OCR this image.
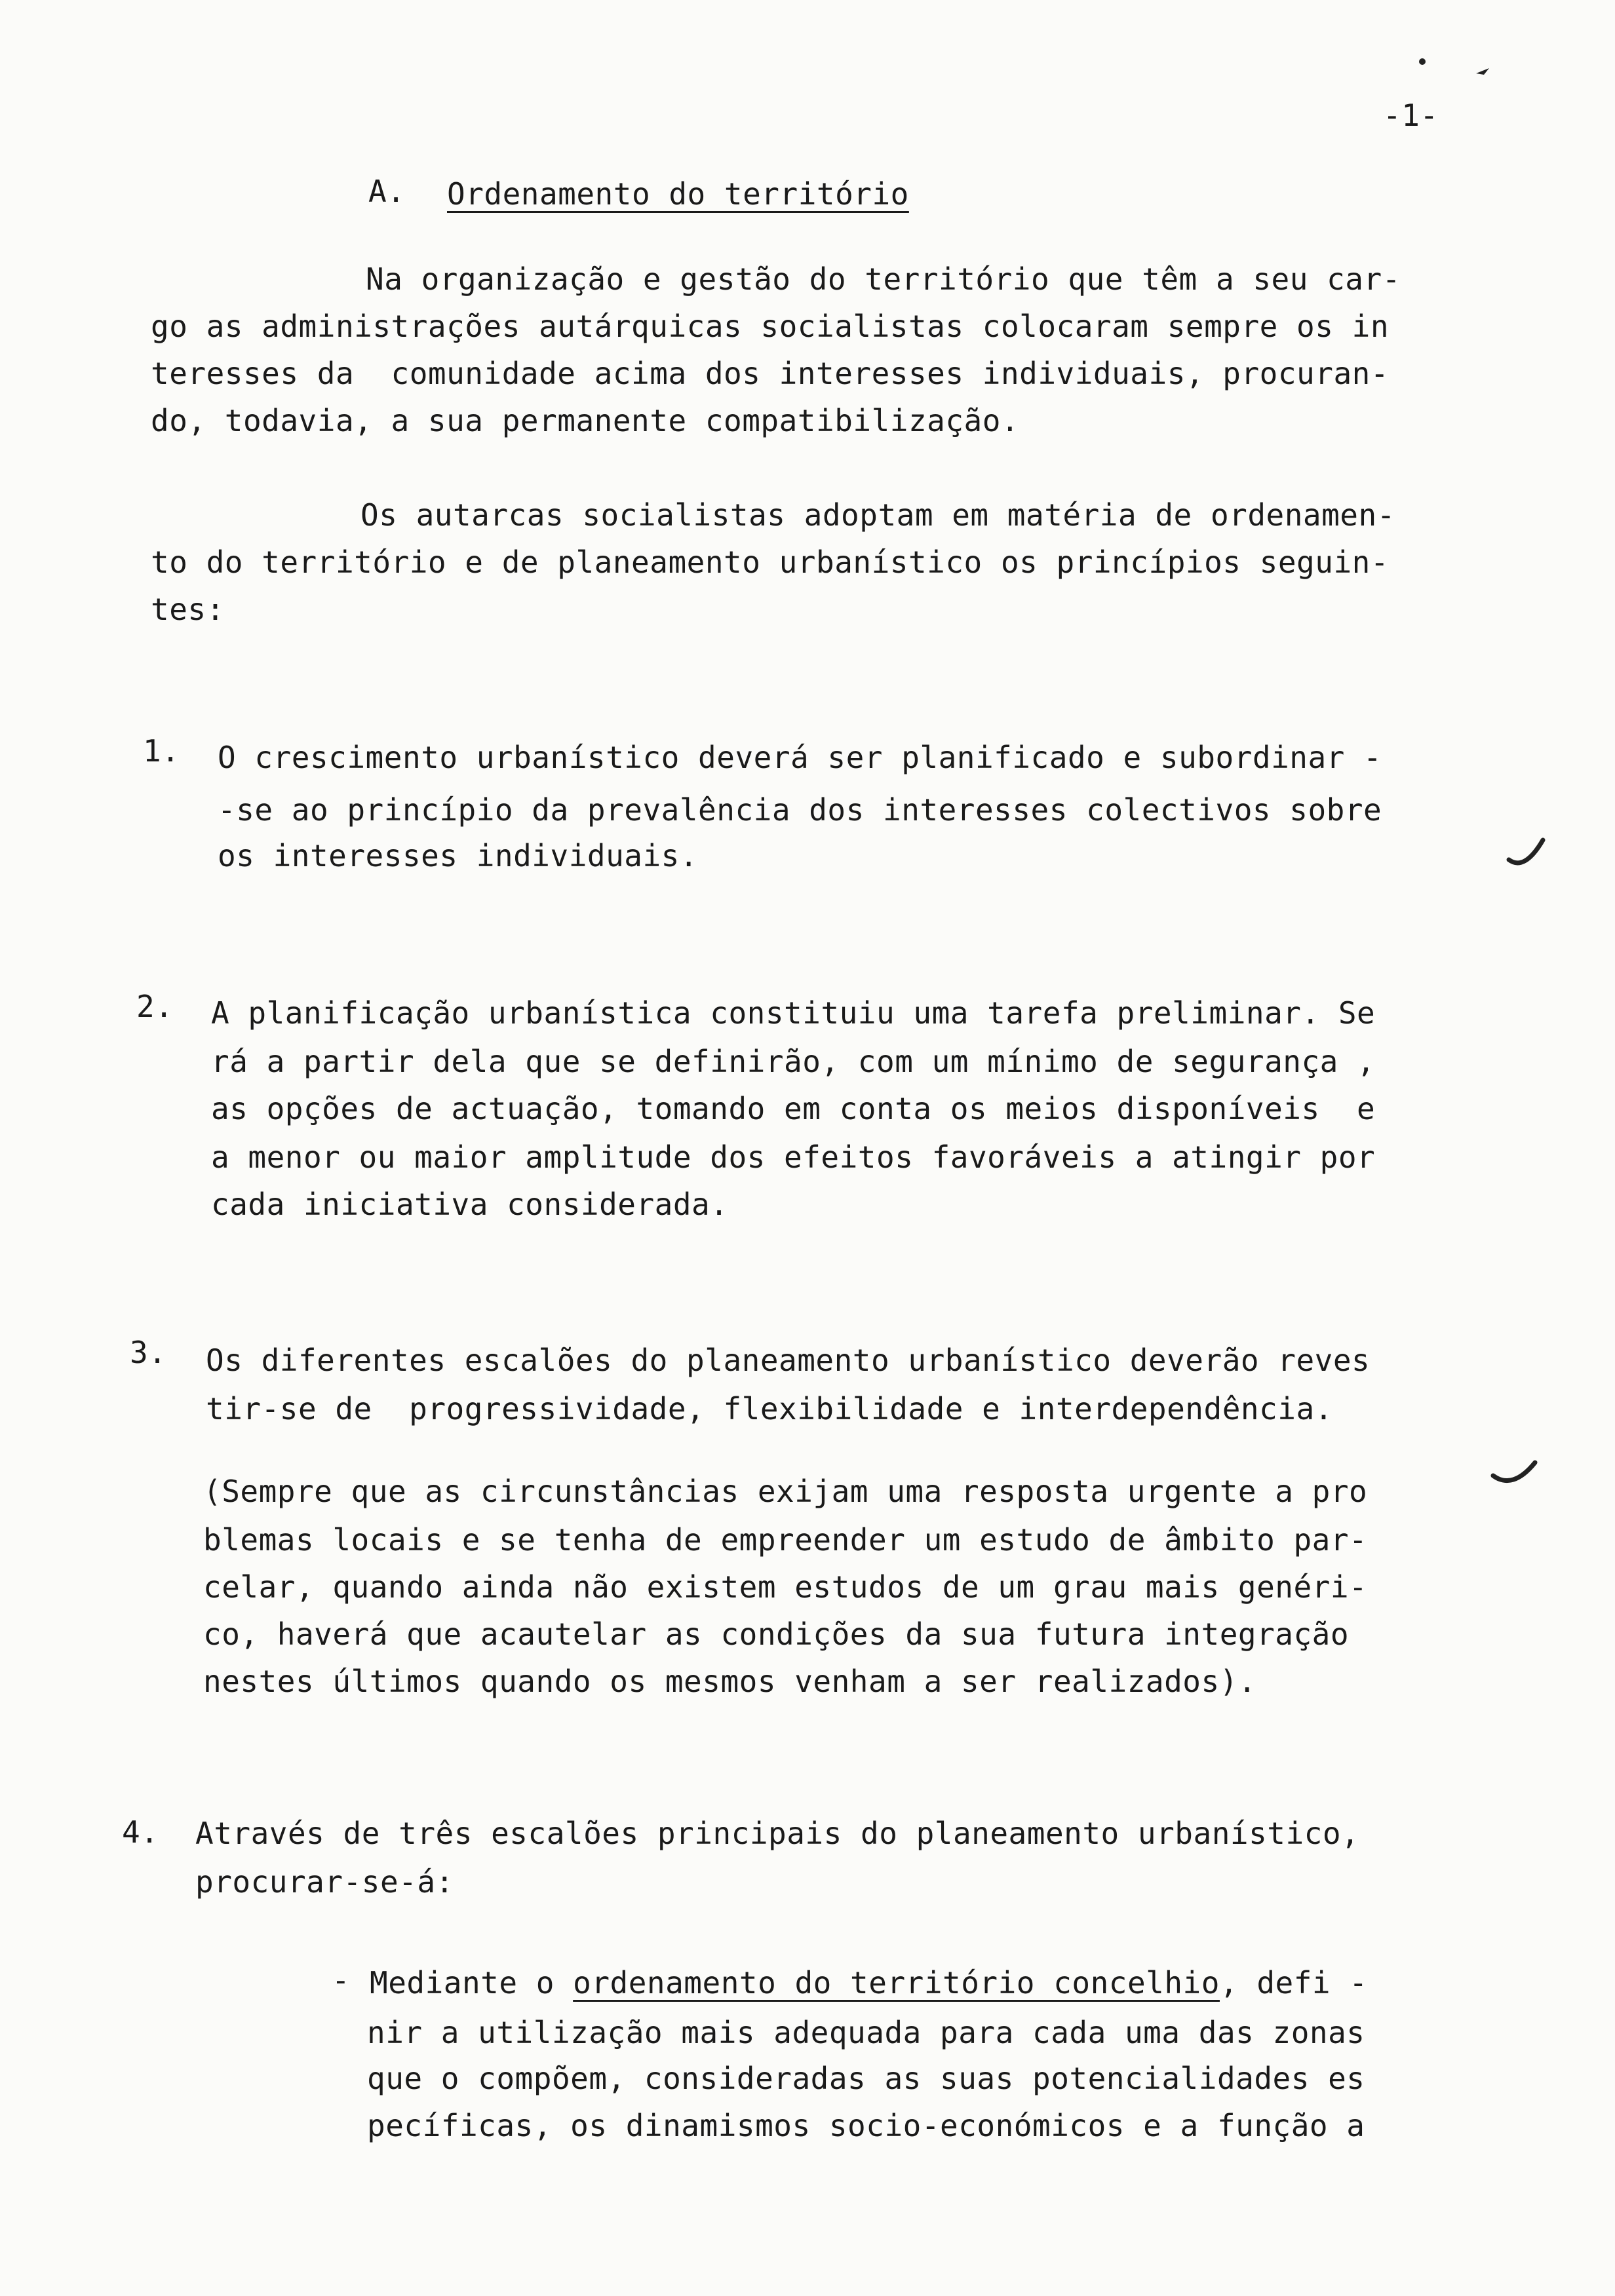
-1-
A. Ordenamento do território
Na organização e gestão do território que têm a seu car-
go as administrações autárquicas socialistas colocaram sempre os in
teresses da  comunidade acima dos interesses individuais, procuran-
do, todavia, a sua permanente compatibilização.
Os autarcas socialistas adoptam em matéria de ordenamen-
to do território e de planeamento urbanístico os princípios seguin-
tes:
1. O crescimento urbanístico deverá ser planificado e subordinar -
-se ao princípio da prevalência dos interesses colectivos sobre
os interesses individuais.
2. A planificação urbanística constituiu uma tarefa preliminar. Se
rá a partir dela que se definirão, com um mínimo de segurança ,
as opções de actuação, tomando em conta os meios disponíveis  e
a menor ou maior amplitude dos efeitos favoráveis a atingir por
cada iniciativa considerada.
3. Os diferentes escalões do planeamento urbanístico deverão reves
tir-se de  progressividade, flexibilidade e interdependência.
(Sempre que as circunstâncias exijam uma resposta urgente a pro
blemas locais e se tenha de empreender um estudo de âmbito par-
celar, quando ainda não existem estudos de um grau mais genéri-
co, haverá que acautelar as condições da sua futura integração
nestes últimos quando os mesmos venham a ser realizados).
4. Através de três escalões principais do planeamento urbanístico,
procurar-se-á:
- Mediante o ordenamento do território concelhio, defi -
nir a utilização mais adequada para cada uma das zonas
que o compõem, consideradas as suas potencialidades es
pecíficas, os dinamismos socio-económicos e a função a
